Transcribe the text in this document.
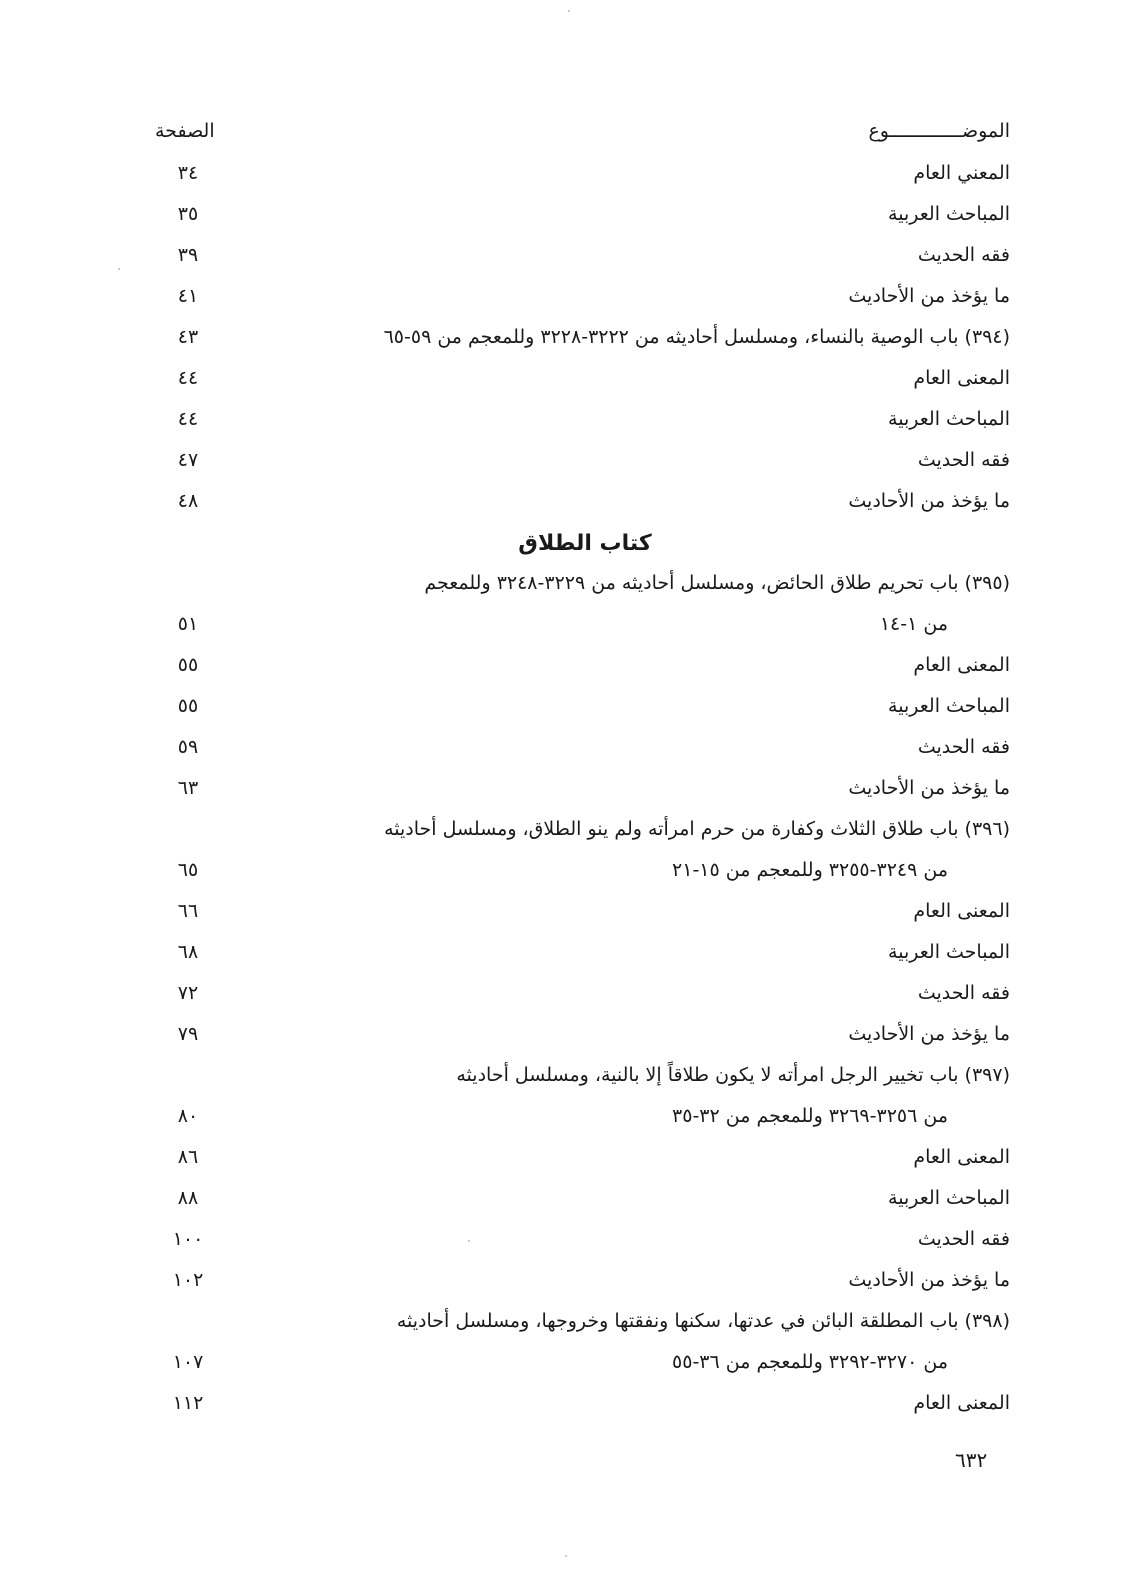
الموضـــــــــــــوع
الصفحة
المعني العام
٣٤
المباحث العربية
٣٥
فقه الحديث
٣٩
ما يؤخذ من الأحاديث
٤١
(٣٩٤) باب الوصية بالنساء، ومسلسل أحاديثه من ٣٢٢٢-٣٢٢٨ وللمعجم من ٥٩-٦٥
٤٣
المعنى العام
٤٤
المباحث العربية
٤٤
فقه الحديث
٤٧
ما يؤخذ من الأحاديث
٤٨
كتاب الطلاق
(٣٩٥) باب تحريم طلاق الحائض، ومسلسل أحاديثه من ٣٢٢٩-٣٢٤٨ وللمعجم
من ١-١٤
٥١
المعنى العام
٥٥
المباحث العربية
٥٥
فقه الحديث
٥٩
ما يؤخذ من الأحاديث
٦٣
(٣٩٦) باب طلاق الثلاث وكفارة من حرم امرأته ولم ينو الطلاق، ومسلسل أحاديثه
من ٣٢٤٩-٣٢٥٥ وللمعجم من ١٥-٢١
٦٥
المعنى العام
٦٦
المباحث العربية
٦٨
فقه الحديث
٧٢
ما يؤخذ من الأحاديث
٧٩
(٣٩٧) باب تخيير الرجل امرأته لا يكون طلاقاً إلا بالنية، ومسلسل أحاديثه
من ٣٢٥٦-٣٢٦٩ وللمعجم من ٣٢-٣٥
٨٠
المعنى العام
٨٦
المباحث العربية
٨٨
فقه الحديث
١٠٠
ما يؤخذ من الأحاديث
١٠٢
(٣٩٨) باب المطلقة البائن في عدتها، سكنها ونفقتها وخروجها، ومسلسل أحاديثه
من ٣٢٧٠-٣٢٩٢ وللمعجم من ٣٦-٥٥
١٠٧
المعنى العام
١١٢
٦٣٢
